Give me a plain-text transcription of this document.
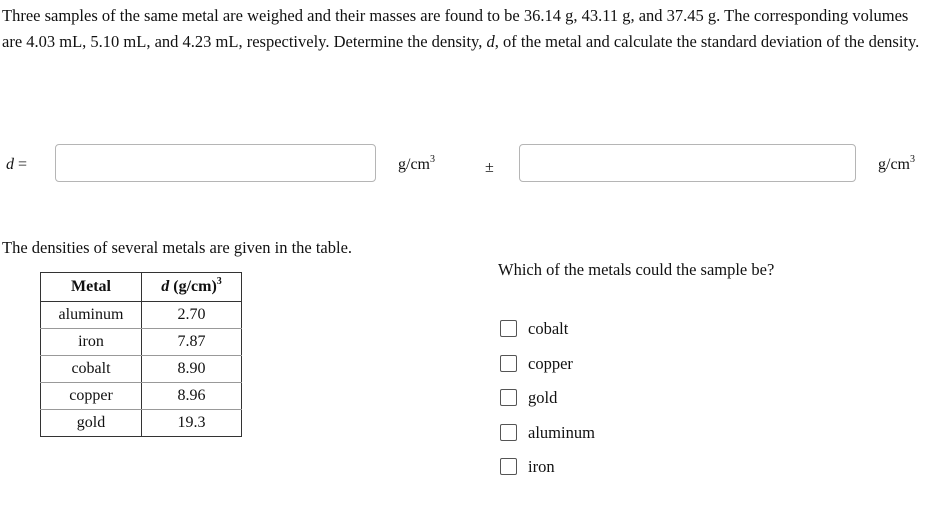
Three samples of the same metal are weighed and their masses are found to be 36.14 g, 43.11 g, and 37.45 g. The corresponding volumes are 4.03 mL, 5.10 mL, and 4.23 mL, respectively. Determine the density, d, of the metal and calculate the standard deviation of the density.

d =	$g/cm^3$	±	$g/cm^3$

The densities of several metals are given in the table.

Metal	d $(g/cm)^3$
aluminum	2.70
iron	7.87
cobalt	8.90
copper	8.96
gold	19.3

Which of the metals could the sample be?

cobalt
copper
gold
aluminum
iron
